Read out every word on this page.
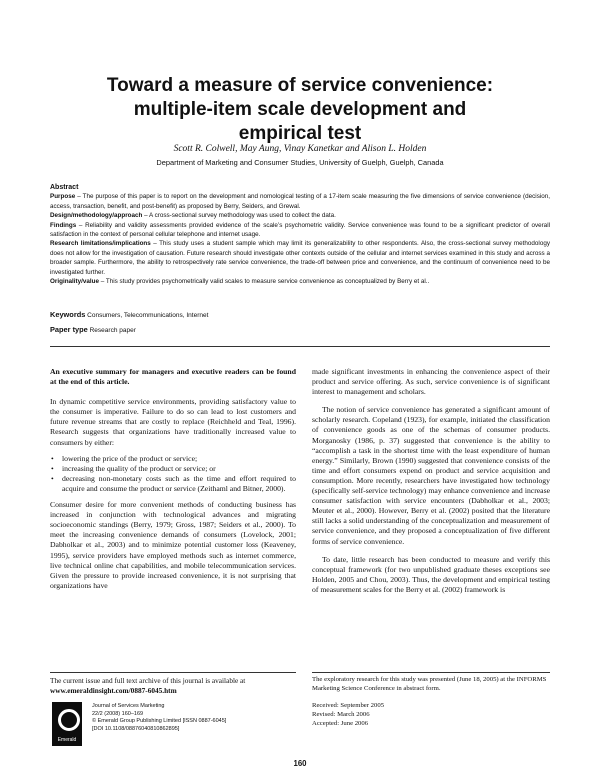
Toward a measure of service convenience:
multiple-item scale development and
empirical test
Scott R. Colwell, May Aung, Vinay Kanetkar and Alison L. Holden
Department of Marketing and Consumer Studies, University of Guelph, Guelph, Canada
Abstract

Purpose – The purpose of this paper is to report on the development and nomological testing of a 17-item scale measuring the five dimensions of service convenience (decision, access, transaction, benefit, and post-benefit) as proposed by Berry, Seiders, and Grewal.

Design/methodology/approach – A cross-sectional survey methodology was used to collect the data.

Findings – Reliability and validity assessments provided evidence of the scale’s psychometric validity. Service convenience was found to be a significant predictor of overall satisfaction in the context of personal cellular telephone and internet usage.

Research limitations/implications – This study uses a student sample which may limit its generalizability to other respondents. Also, the cross-sectional survey methodology does not allow for the investigation of causation. Future research should investigate other contexts outside of the cellular and internet services examined in this study and across a broader sample. Furthermore, the ability to retrospectively rate service convenience, the trade-off between price and convenience, and the continuum of convenience need to be investigated further.

Originality/value – This study provides psychometrically valid scales to measure service convenience as conceptualized by Berry et al..

Keywords Consumers, Telecommunications, Internet
Paper type Research paper

An executive summary for managers and executive readers can be found at the end of this article.

In dynamic competitive service environments, providing satisfactory value to the consumer is imperative. Failure to do so can lead to lost customers and future revenue streams that are costly to replace (Reichheld and Teal, 1996). Research suggests that organizations have traditionally increased value to consumers by either:

• lowering the price of the product or service;
• increasing the quality of the product or service; or
• decreasing non-monetary costs such as the time and effort required to acquire and consume the product or service (Zeithaml and Bitner, 2000).

Consumer desire for more convenient methods of conducting business has increased in conjunction with technological advances and migrating socioeconomic standings (Berry, 1979; Gross, 1987; Seiders et al., 2000). To meet the increasing convenience demands of consumers (Lovelock, 2001; Dabholkar et al., 2003) and to minimize potential customer loss (Keaveney, 1995), service providers have employed methods such as internet commerce, live technical online chat capabilities, and mobile telecommunication services. Given the pressure to provide increased convenience, it is not surprising that organizations have

made significant investments in enhancing the convenience aspect of their product and service offering. As such, service convenience is of significant interest to management and scholars.

The notion of service convenience has generated a significant amount of scholarly research. Copeland (1923), for example, initiated the classification of convenience goods as one of the schemas of consumer products. Morganosky (1986, p. 37) suggested that convenience is the ability to “accomplish a task in the shortest time with the least expenditure of human energy.” Similarly, Brown (1990) suggested that convenience consists of the time and effort consumers expend on product and service acquisition and consumption. More recently, researchers have investigated how technology (specifically self-service technology) may enhance convenience and increase consumer satisfaction with service encounters (Dabholkar et al., 2003; Meuter et al., 2000). However, Berry et al. (2002) posited that the literature still lacks a solid understanding of the conceptualization and measurement of service convenience, and they proposed a conceptualization of five different forms of service convenience.

To date, little research has been conducted to measure and verify this conceptual framework (for two unpublished graduate theses exceptions see Holden, 2005 and Chou, 2003). Thus, the development and empirical testing of measurement scales for the Berry et al. (2002) framework is

The current issue and full text archive of this journal is available at
www.emeraldinsight.com/0887-6045.htm
Emerald
Journal of Services Marketing
22/2 (2008) 160–169
© Emerald Group Publishing Limited [ISSN 0887-6045]
[DOI 10.1108/08876040810862895]
The exploratory research for this study was presented (June 18, 2005) at the INFORMS Marketing Science Conference in abstract form.
Received: September 2005
Revised: March 2006
Accepted: June 2006
160
